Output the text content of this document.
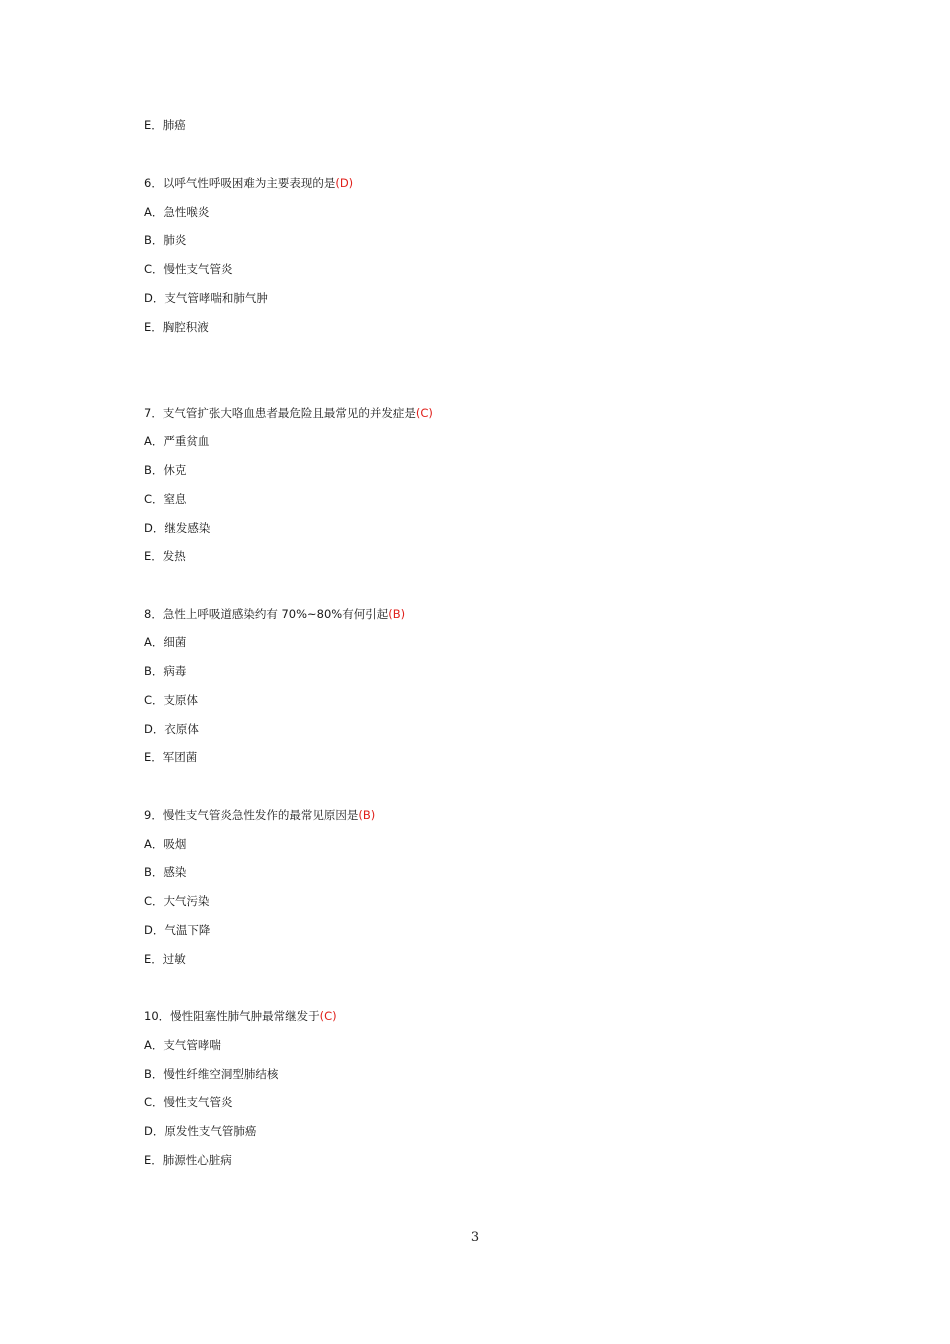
E．肺癌
6．以呼气性呼吸困难为主要表现的是(D)
A．急性喉炎
B．肺炎
C．慢性支气管炎
D．支气管哮喘和肺气肿
E．胸腔积液
7．支气管扩张大咯血患者最危险且最常见的并发症是(C)
A．严重贫血
B．休克
C．窒息
D．继发感染
E．发热
8．急性上呼吸道感染约有 70%~80%有何引起(B)
A．细菌
B．病毒
C．支原体
D．衣原体
E．军团菌
9．慢性支气管炎急性发作的最常见原因是(B)
A．吸烟
B．感染
C．大气污染
D．气温下降
E．过敏
10．慢性阻塞性肺气肿最常继发于(C)
A．支气管哮喘
B．慢性纤维空洞型肺结核
C．慢性支气管炎
D．原发性支气管肺癌
E．肺源性心脏病
3
